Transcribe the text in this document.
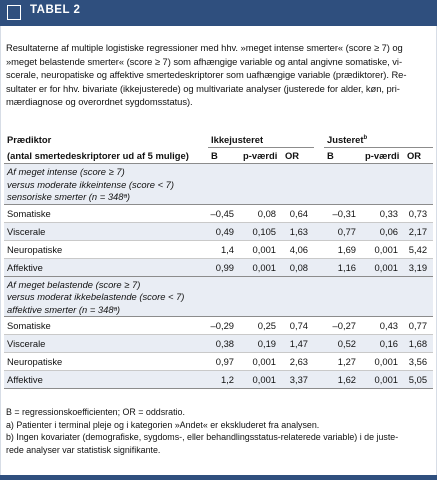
TABEL 2
Resultaterne af multiple logistiske regressioner med hhv. »meget intense smerter« (score ≥ 7) og
»meget belastende smerter« (score ≥ 7) som afhængige variable og antal angivne somatiske, vi-
scerale, neuropatiske og affektive smertedeskriptorer som uafhængige variable (prædiktorer). Re-
sultater er for hhv. bivariate (ikkejusterede) og multivariate analyser (justerede for alder, køn, pri-
mærdiagnose og overordnet sygdomsstatus).
Prædiktor	Ikkejusteret				Justeret$^b$
(antal smertedeskriptorer ud af 5 mulige)	B	p-værdi	OR		B	p-værdi	OR
Af meget intense (score ≥ 7)							
versus moderate ikkeintense (score < 7)							
sensoriske smerter (n = 348ᵃ)							
Somatiske	–0,45	0,08	0,64		–0,31	0,33	0,73
Viscerale	0,49	0,105	1,63		0,77	0,06	2,17
Neuropatiske	1,4	0,001	4,06		1,69	0,001	5,42
Affektive	0,99	0,001	0,08		1,16	0,001	3,19
Af meget belastende (score ≥ 7)							
versus moderat ikkebelastende (score < 7)							
affektive smerter (n = 348ᵃ)							
Somatiske	–0,29	0,25	0,74		–0,27	0,43	0,77
Viscerale	0,38	0,19	1,47		0,52	0,16	1,68
Neuropatiske	0,97	0,001	2,63		1,27	0,001	3,56
Affektive	1,2	0,001	3,37		1,62	0,001	5,05

B = regressionskoefficienten; OR = oddsratio.
a) Patienter i terminal pleje og i kategorien »Andet« er ekskluderet fra analysen.
b) Ingen kovariater (demografiske, sygdoms-, eller behandlingsstatus-relaterede variable) i de juste-
rede analyser var statistisk signifikante.
